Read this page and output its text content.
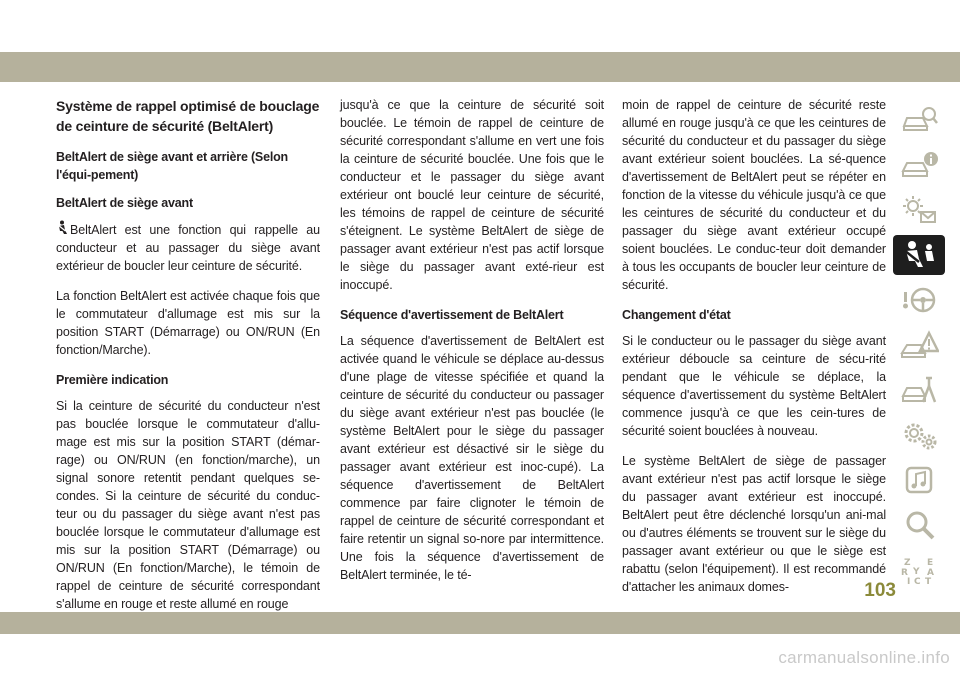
Système de rappel optimisé de bouclage de ceinture de sécurité (BeltAlert)
BeltAlert de siège avant et arrière (Selon l'équi-pement)
BeltAlert de siège avant

BeltAlert est une fonction qui rappelle au conducteur et au passager du siège avant extérieur de boucler leur ceinture de sécurité.

La fonction BeltAlert est activée chaque fois que le commutateur d'allumage est mis sur la position START (Démarrage) ou ON/RUN (En fonction/Marche).

Première indication

Si la ceinture de sécurité du conducteur n'est pas bouclée lorsque le commutateur d'allu-mage est mis sur la position START (démar-rage) ou ON/RUN (en fonction/marche), un signal sonore retentit pendant quelques se-condes. Si la ceinture de sécurité du conduc-teur ou du passager du siège avant n'est pas bouclée lorsque le commutateur d'allumage est mis sur la position START (Démarrage) ou ON/RUN (En fonction/Marche), le témoin de rappel de ceinture de sécurité correspondant s'allume en rouge et reste allumé en rouge

jusqu'à ce que la ceinture de sécurité soit bouclée. Le témoin de rappel de ceinture de sécurité correspondant s'allume en vert une fois la ceinture de sécurité bouclée. Une fois que le conducteur et le passager du siège avant extérieur ont bouclé leur ceinture de sécurité, les témoins de rappel de ceinture de sécurité s'éteignent. Le système BeltAlert de siège de passager avant extérieur n'est pas actif lorsque le siège du passager avant exté-rieur est inoccupé.

Séquence d'avertissement de BeltAlert

La séquence d'avertissement de BeltAlert est activée quand le véhicule se déplace au-dessus d'une plage de vitesse spécifiée et quand la ceinture de sécurité du conducteur ou passager du siège avant extérieur n'est pas bouclée (le système BeltAlert pour le siège du passager avant extérieur est désactivé sir le siège du passager avant extérieur est inoc-cupé). La séquence d'avertissement de BeltAlert commence par faire clignoter le témoin de rappel de ceinture de sécurité correspondant et faire retentir un signal so-nore par intermittence. Une fois la séquence d'avertissement de BeltAlert terminée, le té-

moin de rappel de ceinture de sécurité reste allumé en rouge jusqu'à ce que les ceintures de sécurité du conducteur et du passager du siège avant extérieur soient bouclées. La sé-quence d'avertissement de BeltAlert peut se répéter en fonction de la vitesse du véhicule jusqu'à ce que les ceintures de sécurité du conducteur et du passager du siège avant extérieur occupé soient bouclées. Le conduc-teur doit demander à tous les occupants de boucler leur ceinture de sécurité.

Changement d'état

Si le conducteur ou le passager du siège avant extérieur déboucle sa ceinture de sécu-rité pendant que le véhicule se déplace, la séquence d'avertissement du système BeltAlert commence jusqu'à ce que les cein-tures de sécurité soient bouclées à nouveau.

Le système BeltAlert de siège de passager avant extérieur n'est pas actif lorsque le siège du passager avant extérieur est inoccupé. BeltAlert peut être déclenché lorsqu'un ani-mal ou d'autres éléments se trouvent sur le siège du passager avant extérieur ou que le siège est rabattu (selon l'équipement). Il est recommandé d'attacher les animaux domes-

Z E
R Y A
I C T
103
carmanualsonline.info
